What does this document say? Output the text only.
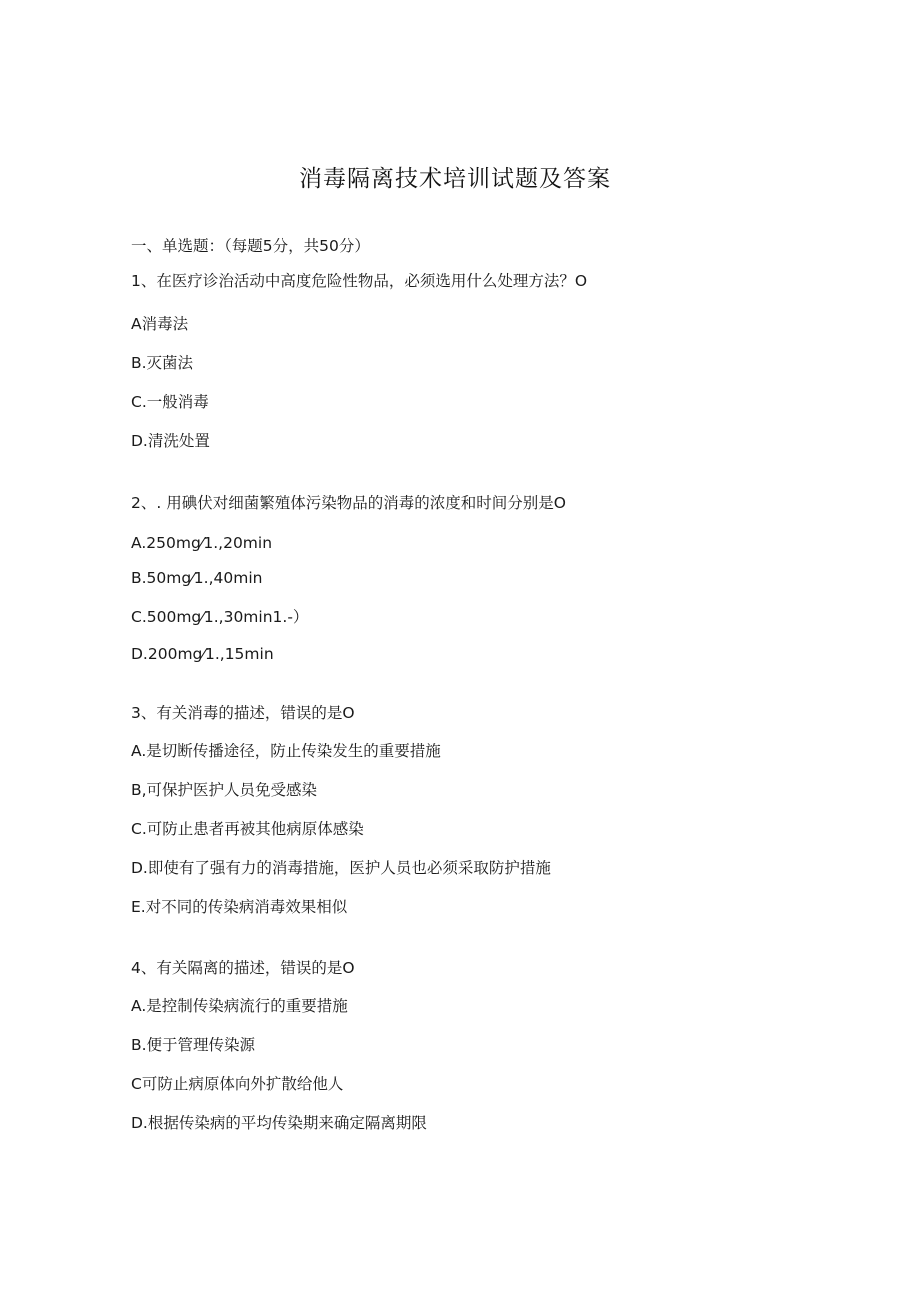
消毒隔离技术培训试题及答案
一、单选题：（每题5分，共50分）
1、在医疗诊治活动中高度危险性物品，必须选用什么处理方法？O
A消毒法
B.灭菌法
C.一般消毒
D.清洗处置
2、. 用碘伏对细菌繁殖体污染物品的消毒的浓度和时间分别是O
A.250mg⁄1.,20min
B.50mg⁄1.,40min
C.500mg⁄1.,30min1.-）
D.200mg⁄1.,15min
3、有关消毒的描述，错误的是O
A.是切断传播途径，防止传染发生的重要措施
B,可保护医护人员免受感染
C.可防止患者再被其他病原体感染
D.即使有了强有力的消毒措施，医护人员也必须采取防护措施
E.对不同的传染病消毒效果相似
4、有关隔离的描述，错误的是O
A.是控制传染病流行的重要措施
B.便于管理传染源
C可防止病原体向外扩散给他人
D.根据传染病的平均传染期来确定隔离期限
